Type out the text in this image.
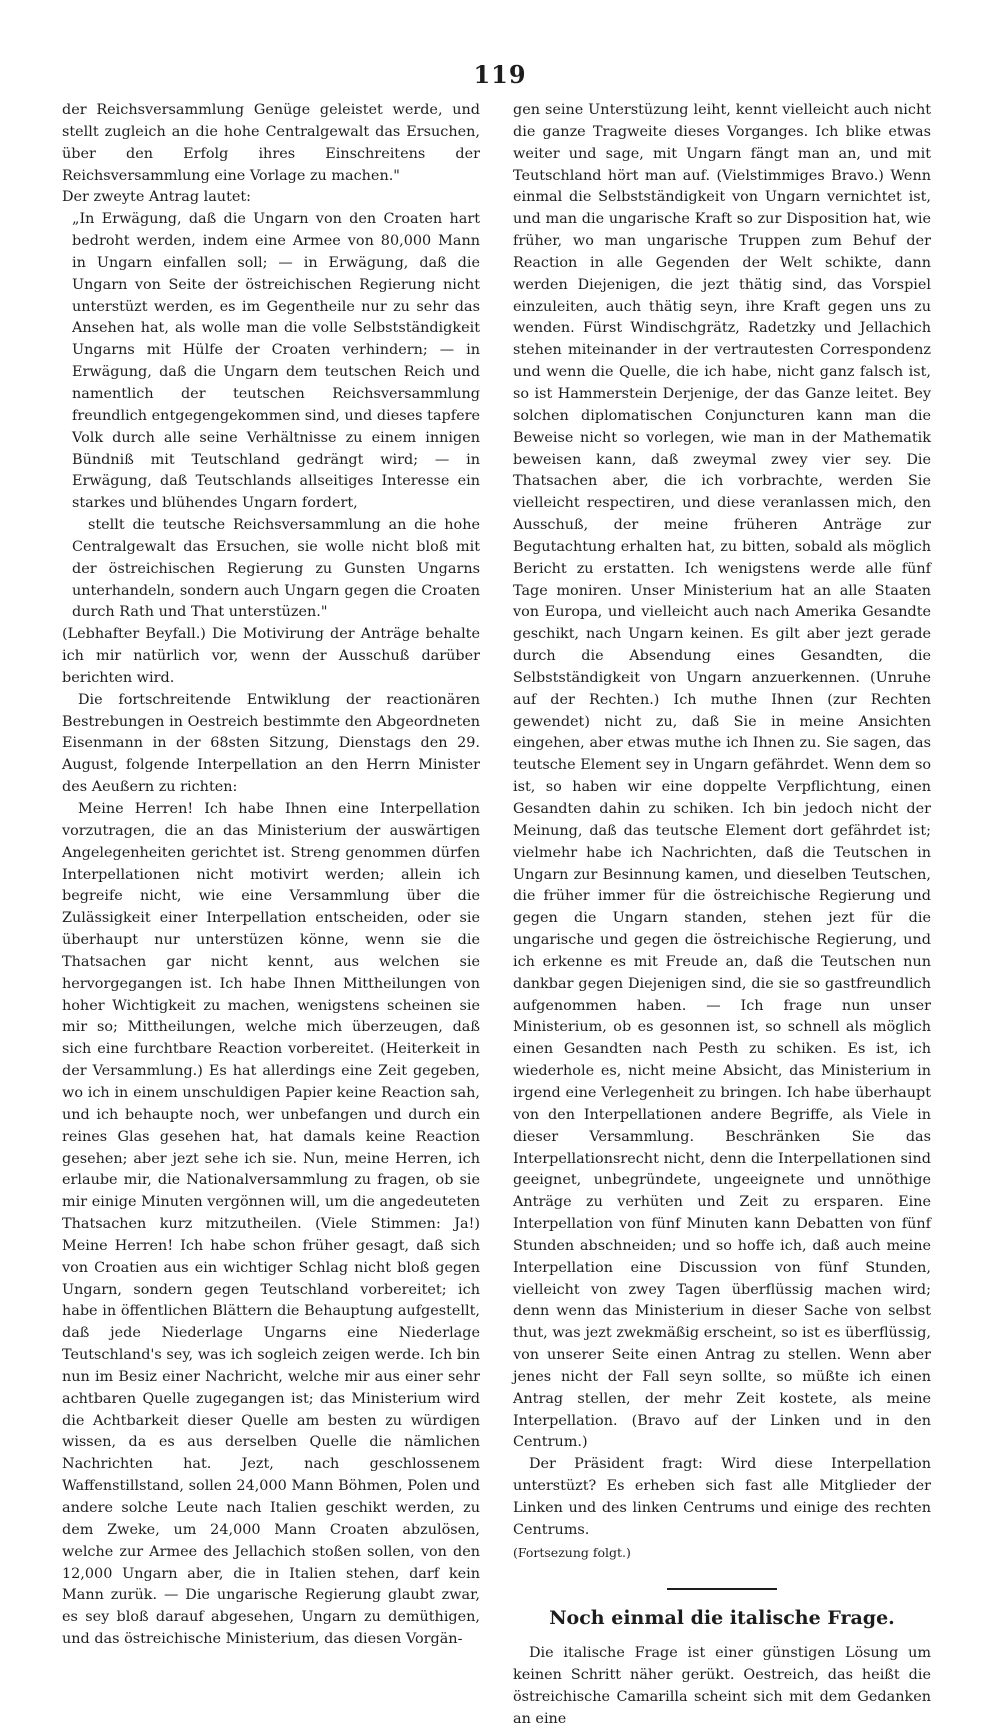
119

der Reichsversammlung Genüge geleistet werde, und stellt zugleich an die hohe Centralgewalt das Ersuchen, über den Erfolg ihres Einschreitens der Reichsversammlung eine Vorlage zu machen."

Der zweyte Antrag lautet:

„In Erwägung, daß die Ungarn von den Croaten hart bedroht werden, indem eine Armee von 80,000 Mann in Ungarn einfallen soll; — in Erwägung, daß die Ungarn von Seite der östreichischen Regierung nicht unterstüzt werden, es im Gegentheile nur zu sehr das Ansehen hat, als wolle man die volle Selbstständigkeit Ungarns mit Hülfe der Croaten verhindern; — in Erwägung, daß die Ungarn dem teutschen Reich und namentlich der teutschen Reichsversammlung freundlich entgegengekommen sind, und dieses tapfere Volk durch alle seine Verhältnisse zu einem innigen Bündniß mit Teutschland gedrängt wird; — in Erwägung, daß Teutschlands allseitiges Interesse ein starkes und blühendes Ungarn fordert,

stellt die teutsche Reichsversammlung an die hohe Centralgewalt das Ersuchen, sie wolle nicht bloß mit der östreichischen Regierung zu Gunsten Ungarns unterhandeln, sondern auch Ungarn gegen die Croaten durch Rath und That unterstüzen."

(Lebhafter Beyfall.) Die Motivirung der Anträge behalte ich mir natürlich vor, wenn der Ausschuß darüber berichten wird.

Die fortschreitende Entwiklung der reactionären Bestrebungen in Oestreich bestimmte den Abgeordneten Eisenmann in der 68sten Sitzung, Dienstags den 29. August, folgende Interpellation an den Herrn Minister des Aeußern zu richten:

Meine Herren! Ich habe Ihnen eine Interpellation vorzutragen, die an das Ministerium der auswärtigen Angelegenheiten gerichtet ist. Streng genommen dürfen Interpellationen nicht motivirt werden; allein ich begreife nicht, wie eine Versammlung über die Zulässigkeit einer Interpellation entscheiden, oder sie überhaupt nur unterstüzen könne, wenn sie die Thatsachen gar nicht kennt, aus welchen sie hervorgegangen ist. Ich habe Ihnen Mittheilungen von hoher Wichtigkeit zu machen, wenigstens scheinen sie mir so; Mittheilungen, welche mich überzeugen, daß sich eine furchtbare Reaction vorbereitet. (Heiterkeit in der Versammlung.) Es hat allerdings eine Zeit gegeben, wo ich in einem unschuldigen Papier keine Reaction sah, und ich behaupte noch, wer unbefangen und durch ein reines Glas gesehen hat, hat damals keine Reaction gesehen; aber jezt sehe ich sie. Nun, meine Herren, ich erlaube mir, die Nationalversammlung zu fragen, ob sie mir einige Minuten vergönnen will, um die angedeuteten Thatsachen kurz mitzutheilen. (Viele Stimmen: Ja!) Meine Herren! Ich habe schon früher gesagt, daß sich von Croatien aus ein wichtiger Schlag nicht bloß gegen Ungarn, sondern gegen Teutschland vorbereitet; ich habe in öffentlichen Blättern die Behauptung aufgestellt, daß jede Niederlage Ungarns eine Niederlage Teutschland's sey, was ich sogleich zeigen werde. Ich bin nun im Besiz einer Nachricht, welche mir aus einer sehr achtbaren Quelle zugegangen ist; das Ministerium wird die Achtbarkeit dieser Quelle am besten zu würdigen wissen, da es aus derselben Quelle die nämlichen Nachrichten hat. Jezt, nach geschlossenem Waffenstillstand, sollen 24,000 Mann Böhmen, Polen und andere solche Leute nach Italien geschikt werden, zu dem Zweke, um 24,000 Mann Croaten abzulösen, welche zur Armee des Jellachich stoßen sollen, von den 12,000 Ungarn aber, die in Italien stehen, darf kein Mann zurük. — Die ungarische Regierung glaubt zwar, es sey bloß darauf abgesehen, Ungarn zu demüthigen, und das östreichische Ministerium, das diesen Vorgän-

gen seine Unterstüzung leiht, kennt vielleicht auch nicht die ganze Tragweite dieses Vorganges. Ich blike etwas weiter und sage, mit Ungarn fängt man an, und mit Teutschland hört man auf. (Vielstimmiges Bravo.) Wenn einmal die Selbstständigkeit von Ungarn vernichtet ist, und man die ungarische Kraft so zur Disposition hat, wie früher, wo man ungarische Truppen zum Behuf der Reaction in alle Gegenden der Welt schikte, dann werden Diejenigen, die jezt thätig sind, das Vorspiel einzuleiten, auch thätig seyn, ihre Kraft gegen uns zu wenden. Fürst Windischgrätz, Radetzky und Jellachich stehen miteinander in der vertrautesten Correspondenz und wenn die Quelle, die ich habe, nicht ganz falsch ist, so ist Hammerstein Derjenige, der das Ganze leitet. Bey solchen diplomatischen Conjuncturen kann man die Beweise nicht so vorlegen, wie man in der Mathematik beweisen kann, daß zweymal zwey vier sey. Die Thatsachen aber, die ich vorbrachte, werden Sie vielleicht respectiren, und diese veranlassen mich, den Ausschuß, der meine früheren Anträge zur Begutachtung erhalten hat, zu bitten, sobald als möglich Bericht zu erstatten. Ich wenigstens werde alle fünf Tage moniren. Unser Ministerium hat an alle Staaten von Europa, und vielleicht auch nach Amerika Gesandte geschikt, nach Ungarn keinen. Es gilt aber jezt gerade durch die Absendung eines Gesandten, die Selbstständigkeit von Ungarn anzuerkennen. (Unruhe auf der Rechten.) Ich muthe Ihnen (zur Rechten gewendet) nicht zu, daß Sie in meine Ansichten eingehen, aber etwas muthe ich Ihnen zu. Sie sagen, das teutsche Element sey in Ungarn gefährdet. Wenn dem so ist, so haben wir eine doppelte Verpflichtung, einen Gesandten dahin zu schiken. Ich bin jedoch nicht der Meinung, daß das teutsche Element dort gefährdet ist; vielmehr habe ich Nachrichten, daß die Teutschen in Ungarn zur Besinnung kamen, und dieselben Teutschen, die früher immer für die östreichische Regierung und gegen die Ungarn standen, stehen jezt für die ungarische und gegen die östreichische Regierung, und ich erkenne es mit Freude an, daß die Teutschen nun dankbar gegen Diejenigen sind, die sie so gastfreundlich aufgenommen haben. — Ich frage nun unser Ministerium, ob es gesonnen ist, so schnell als möglich einen Gesandten nach Pesth zu schiken. Es ist, ich wiederhole es, nicht meine Absicht, das Ministerium in irgend eine Verlegenheit zu bringen. Ich habe überhaupt von den Interpellationen andere Begriffe, als Viele in dieser Versammlung. Beschränken Sie das Interpellationsrecht nicht, denn die Interpellationen sind geeignet, unbegründete, ungeeignete und unnöthige Anträge zu verhüten und Zeit zu ersparen. Eine Interpellation von fünf Minuten kann Debatten von fünf Stunden abschneiden; und so hoffe ich, daß auch meine Interpellation eine Discussion von fünf Stunden, vielleicht von zwey Tagen überflüssig machen wird; denn wenn das Ministerium in dieser Sache von selbst thut, was jezt zwekmäßig erscheint, so ist es überflüssig, von unserer Seite einen Antrag zu stellen. Wenn aber jenes nicht der Fall seyn sollte, so müßte ich einen Antrag stellen, der mehr Zeit kostete, als meine Interpellation. (Bravo auf der Linken und in den Centrum.)

Der Präsident fragt: Wird diese Interpellation unterstüzt? Es erheben sich fast alle Mitglieder der Linken und des linken Centrums und einige des rechten Centrums.

(Fortsezung folgt.)

Noch einmal die italische Frage.

Die italische Frage ist einer günstigen Lösung um keinen Schritt näher gerükt. Oestreich, das heißt die östreichische Camarilla scheint sich mit dem Gedanken an eine
